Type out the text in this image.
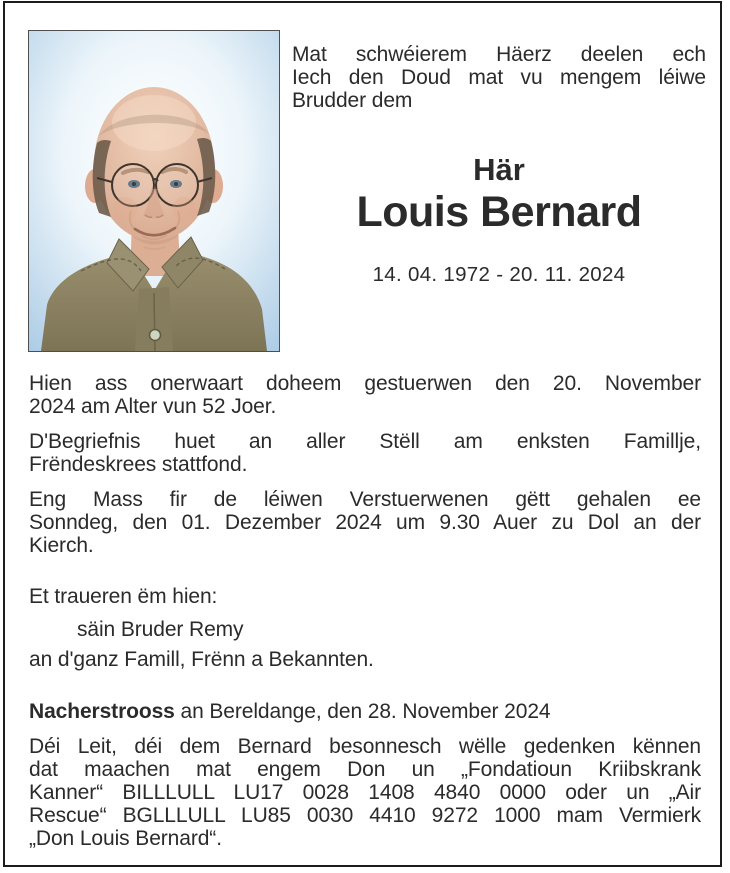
Mat schwéierem Häerz deelen ech
Iech den Doud mat vu mengem léiwe
Brudder dem
Här
Louis Bernard
14. 04. 1972 - 20. 11. 2024
Hien ass onerwaart doheem gestuerwen den 20. November
2024 am Alter vun 52 Joer.
D'Begriefnis huet an aller Stëll am enksten Famillje,
Frëndeskrees stattfond.
Eng Mass fir de léiwen Verstuerwenen gëtt gehalen ee
Sonndeg, den 01. Dezember 2024 um 9.30 Auer zu Dol an der
Kierch.
Et traueren ëm hien:
säin Bruder Remy
an d'ganz Famill, Frënn a Bekannten.
Nacherstrooss an Bereldange, den 28. November 2024
Déi Leit, déi dem Bernard besonnesch wëlle gedenken kënnen
dat maachen mat engem Don un „Fondatioun Kriibskrank
Kanner“ BILLLULL LU17 0028 1408 4840 0000 oder un „Air
Rescue“ BGLLLULL LU85 0030 4410 9272 1000 mam Vermierk
„Don Louis Bernard“.
